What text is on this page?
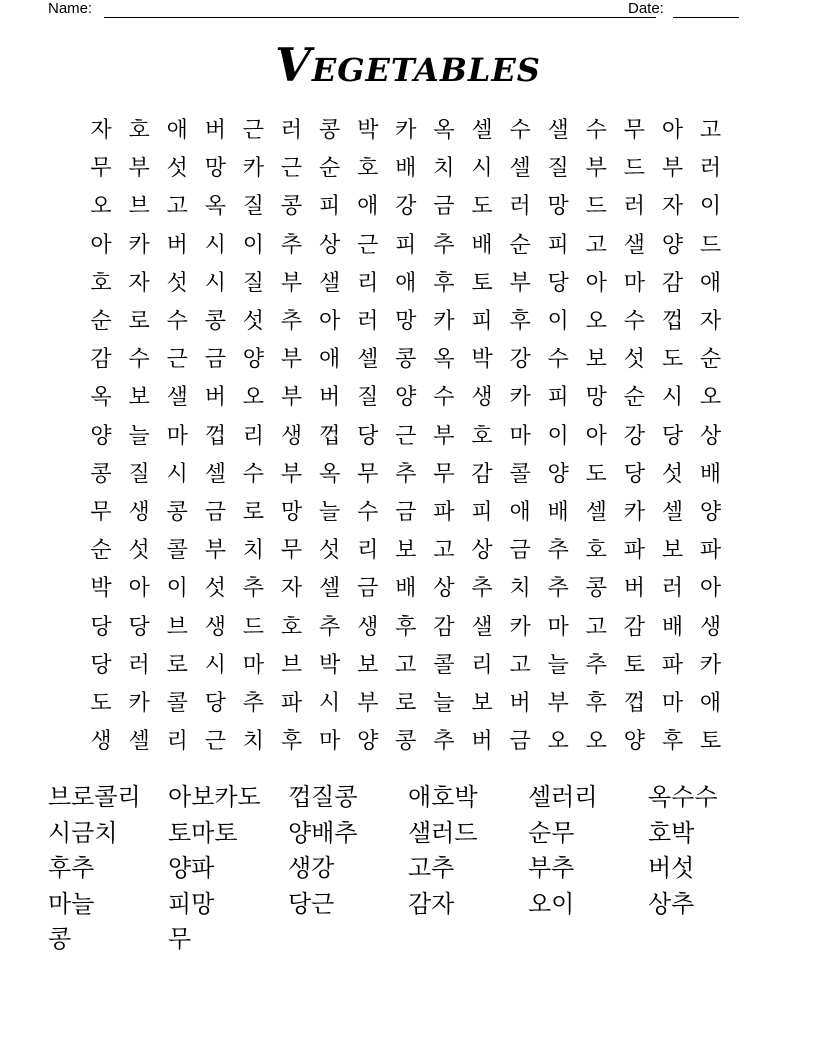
Name:	Date:
Vegetables
자 호 애 버 근 러 콩 박 카 옥 셀 수 샐 수 무 아 고
무 부 섯 망 카 근 순 호 배 치 시 셀 질 부 드 부 러
오 브 고 옥 질 콩 피 애 강 금 도 러 망 드 러 자 이
아 카 버 시 이 추 상 근 피 추 배 순 피 고 샐 양 드
호 자 섯 시 질 부 샐 리 애 후 토 부 당 아 마 감 애
순 로 수 콩 섯 추 아 러 망 카 피 후 이 오 수 껍 자
감 수 근 금 양 부 애 셀 콩 옥 박 강 수 보 섯 도 순
옥 보 샐 버 오 부 버 질 양 수 생 카 피 망 순 시 오
양 늘 마 껍 리 생 껍 당 근 부 호 마 이 아 강 당 상
콩 질 시 셀 수 부 옥 무 추 무 감 콜 양 도 당 섯 배
무 생 콩 금 로 망 늘 수 금 파 피 애 배 셀 카 셀 양
순 섯 콜 부 치 무 섯 리 보 고 상 금 추 호 파 보 파
박 아 이 섯 추 자 셀 금 배 상 추 치 추 콩 버 러 아
당 당 브 생 드 호 추 생 후 감 샐 카 마 고 감 배 생
당 러 로 시 마 브 박 보 고 콜 리 고 늘 추 토 파 카
도 카 콜 당 추 파 시 부 로 늘 보 버 부 후 껍 마 애
생 셀 리 근 치 후 마 양 콩 추 버 금 오 오 양 후 토
브로콜리	아보카도	껍질콩	애호박	셀러리	옥수수
시금치	토마토	양배추	샐러드	순무	호박
후추	양파	생강	고추	부추	버섯
마늘	피망	당근	감자	오이	상추
콩	무
